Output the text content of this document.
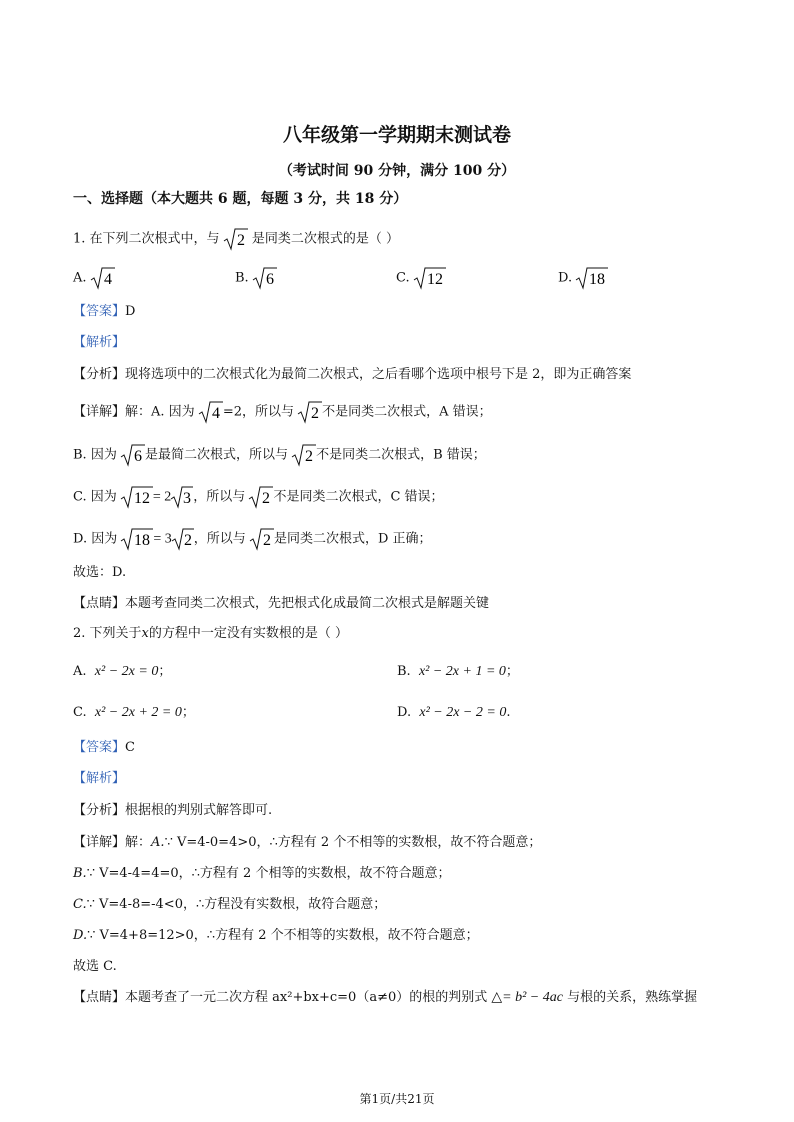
八年级第一学期期末测试卷
（考试时间 90 分钟，满分 100 分）
一、选择题（本大题共 6 题，每题 3 分，共 18 分）
1. 在下列二次根式中，与 2 是同类二次根式的是（ ）
A. 4	B. 6	C. 12	D. 18
【答案】D
【解析】
【分析】现将选项中的二次根式化为最简二次根式，之后看哪个选项中根号下是 2，即为正确答案
【详解】解：A. 因为 4 =2，所以与 2 不是同类二次根式，A 错误；
B. 因为 6 是最简二次根式，所以与 2 不是同类二次根式，B 错误；
C. 因为 12 = 2 3 ，所以与 2 不是同类二次根式，C 错误；
D. 因为 18 = 3 2 ，所以与 2 是同类二次根式，D 正确；
故选：D.
【点睛】本题考查同类二次根式，先把根式化成最简二次根式是解题关键
2. 下列关于x的方程中一定没有实数根的是（ ）
A. x² − 2x = 0；	B. x² − 2x + 1 = 0；
C. x² − 2x + 2 = 0；	D. x² − 2x − 2 = 0.
【答案】C
【解析】
【分析】根据根的判别式解答即可.
【详解】解：A.∵ V=4-0=4>0，∴方程有 2 个不相等的实数根，故不符合题意；
B.∵ V=4-4=4=0，∴方程有 2 个相等的实数根，故不符合题意；
C.∵ V=4-8=-4<0，∴方程没有实数根，故符合题意；
D.∵ V=4+8=12>0，∴方程有 2 个不相等的实数根，故不符合题意；
故选 C.
【点睛】本题考查了一元二次方程 ax²+bx+c=0（a≠0）的根的判别式 △= b² − 4ac 与根的关系，熟练掌握
第1页/共21页
